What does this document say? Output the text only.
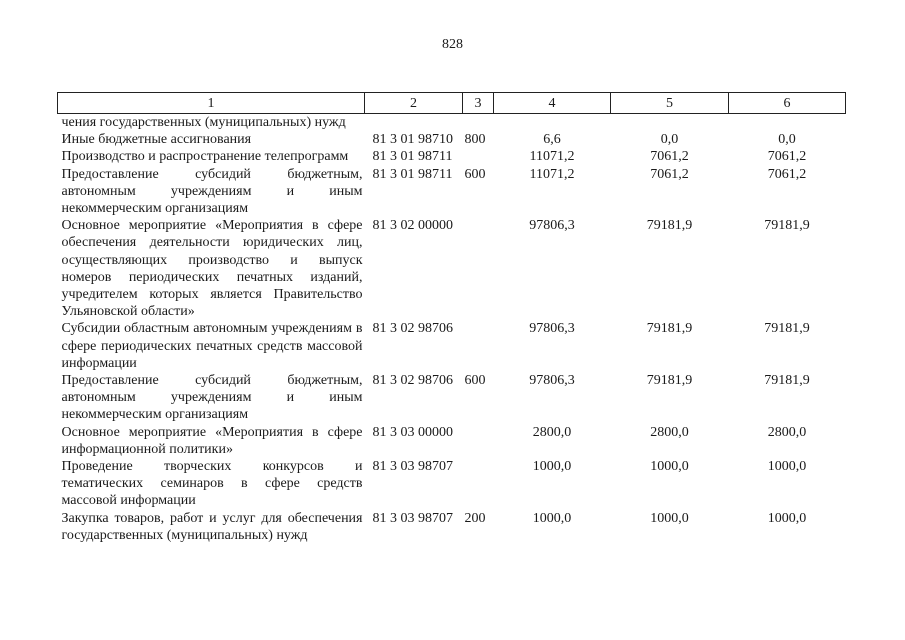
828
1	2	3	4	5	6
чения государственных (муниципальных) нужд					
Иные бюджетные ассигнования	81 3 01 98710	800	6,6	0,0	0,0
Производство и распространение телепрограмм	81 3 01 98711		11071,2	7061,2	7061,2
Предоставление субсидий бюджетным, автономным учреждениям и иным некоммерческим организациям	81 3 01 98711	600	11071,2	7061,2	7061,2
Основное мероприятие «Мероприятия в сфере обеспечения деятельности юридических лиц, осуществляющих производство и выпуск номеров периодических печатных изданий, учредителем которых является Правительство Ульяновской области»	81 3 02 00000		97806,3	79181,9	79181,9
Субсидии областным автономным учреждениям в сфере периодических печатных средств массовой информации	81 3 02 98706		97806,3	79181,9	79181,9
Предоставление субсидий бюджетным, автономным учреждениям и иным некоммерческим организациям	81 3 02 98706	600	97806,3	79181,9	79181,9
Основное мероприятие «Мероприятия в сфере информационной политики»	81 3 03 00000		2800,0	2800,0	2800,0
Проведение творческих конкурсов и тематических семинаров в сфере средств массовой информации	81 3 03 98707		1000,0	1000,0	1000,0
Закупка товаров, работ и услуг для обеспечения государственных (муниципальных) нужд	81 3 03 98707	200	1000,0	1000,0	1000,0
